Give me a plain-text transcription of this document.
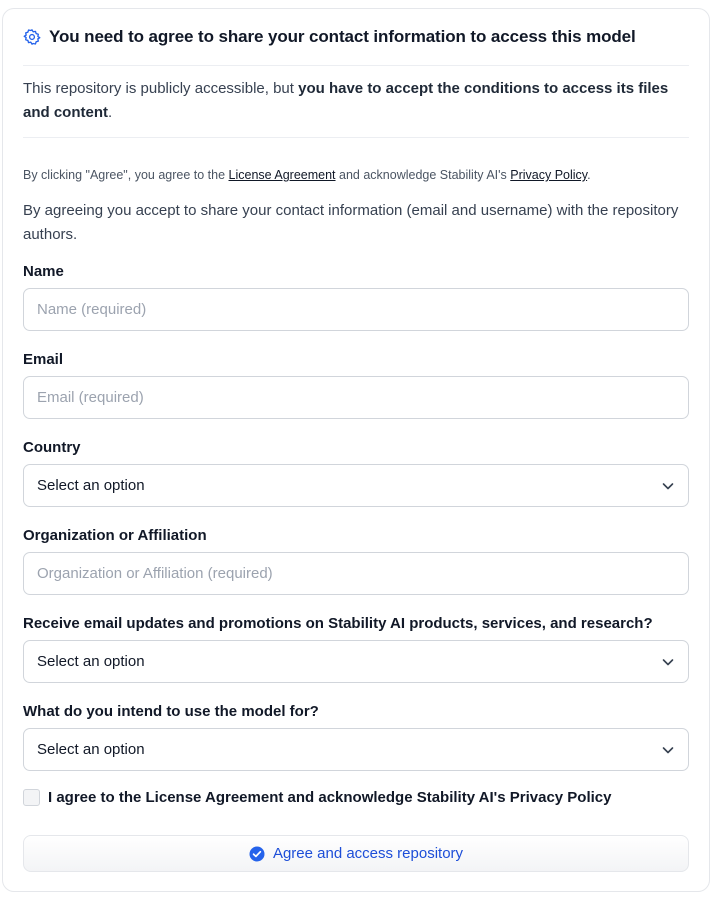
You need to agree to share your contact information to access this model
This repository is publicly accessible, but you have to accept the conditions to access its files and content.
By clicking "Agree", you agree to the License Agreement and acknowledge Stability AI's Privacy Policy.
By agreeing you accept to share your contact information (email and username) with the repository authors.
Name
Name (required)
Email
Email (required)
Country
Select an option
Organization or Affiliation
Organization or Affiliation (required)
Receive email updates and promotions on Stability AI products, services, and research?
Select an option
What do you intend to use the model for?
Select an option
I agree to the License Agreement and acknowledge Stability AI's Privacy Policy
Agree and access repository
